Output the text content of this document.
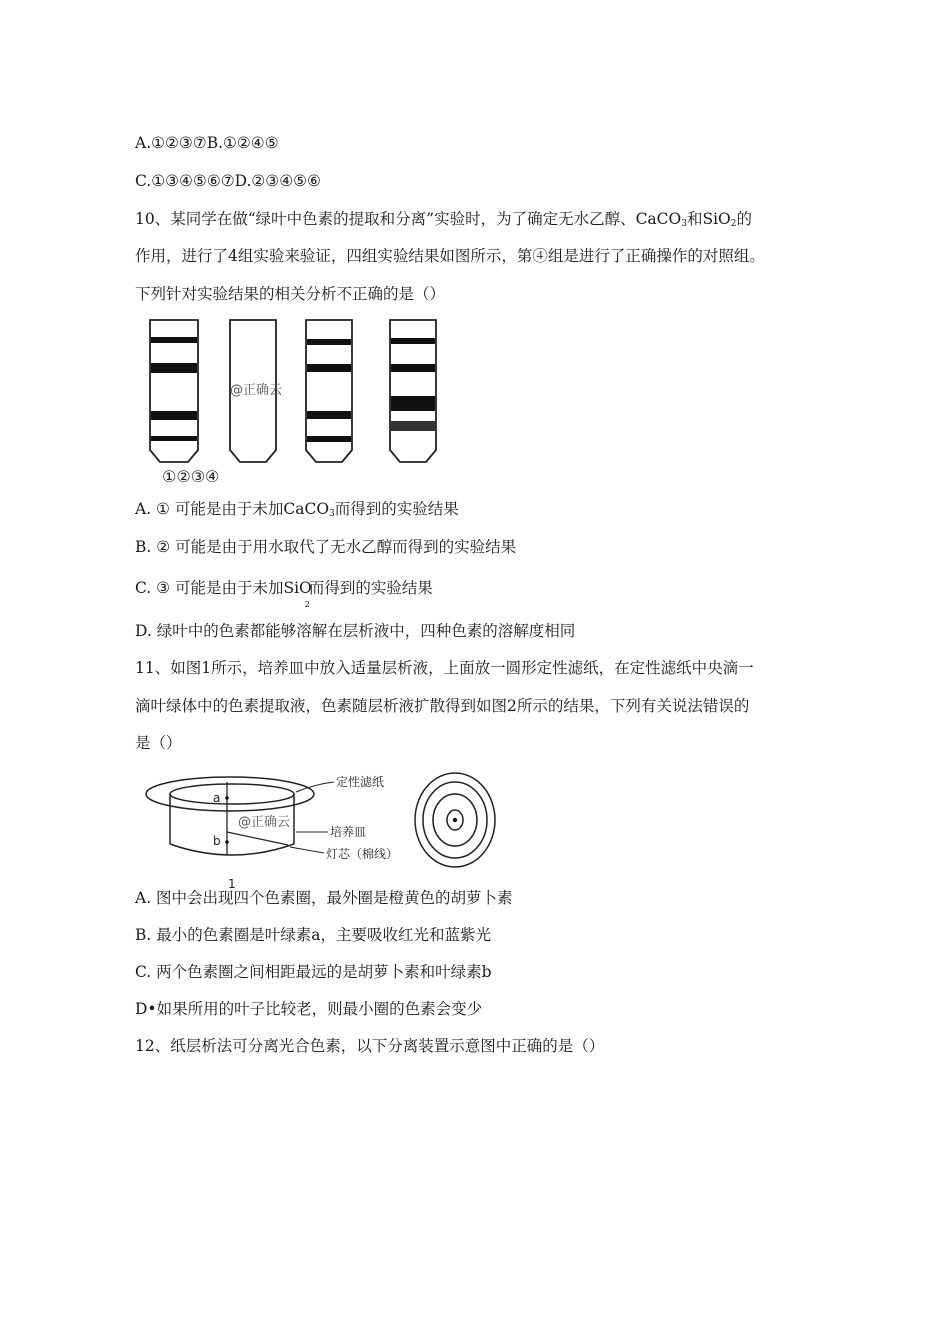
A.①②③⑦B.①②④⑤
C.①③④⑤⑥⑦D.②③④⑤⑥
10、某同学在做“绿叶中色素的提取和分离”实验时，为了确定无水乙醇、CaCO$_3$和SiO$_2$的
作用，进行了4组实验来验证，四组实验结果如图所示，第④组是进行了正确操作的对照组。
下列针对实验结果的相关分析不正确的是（）
@正确云
①②③④
A. ① 可能是由于未加CaCO$_3$而得到的实验结果
B. ② 可能是由于用水取代了无水乙醇而得到的实验结果
C. ③ 可能是由于未加SiO$_2$而得到的实验结果
D. 绿叶中的色素都能够溶解在层析液中，四种色素的溶解度相同
11、如图1所示，培养皿中放入适量层析液，上面放一圆形定性滤纸，在定性滤纸中央滴一
滴叶绿体中的色素提取液，色素随层析液扩散得到如图2所示的结果，下列有关说法错误的
是（）
a
b
@正确云
定性滤纸
培养皿
灯芯（棉线）
1
A. 图中会出现四个色素圈，最外圈是橙黄色的胡萝卜素
B. 最小的色素圈是叶绿素a，主要吸收红光和蓝紫光
C. 两个色素圈之间相距最远的是胡萝卜素和叶绿素b
D•如果所用的叶子比较老，则最小圈的色素会变少
12、纸层析法可分离光合色素，以下分离装置示意图中正确的是（）
